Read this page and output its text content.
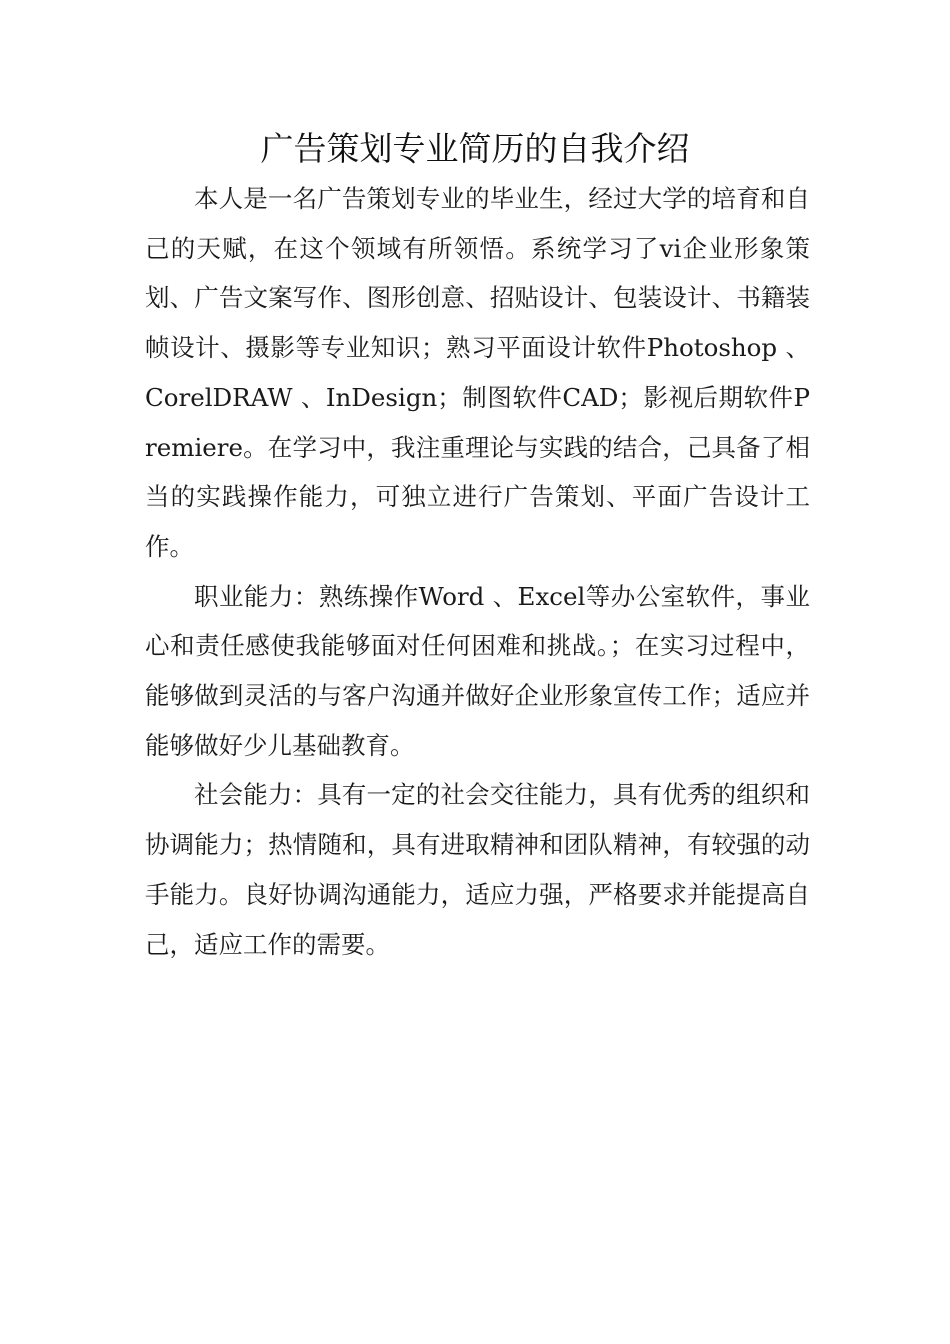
广告策划专业简历的自我介绍

本人是一名广告策划专业的毕业生，经过大学的培育和自己的天赋，在这个领域有所领悟。系统学习了vi企业形象策划、广告文案写作、图形创意、招贴设计、包装设计、书籍装帧设计、摄影等专业知识；熟习平面设计软件Photoshop 、CorelDRAW 、InDesign；制图软件CAD；影视后期软件Premiere。在学习中，我注重理论与实践的结合，己具备了相当的实践操作能力，可独立进行广告策划、平面广告设计工作。

职业能力：熟练操作Word 、Excel等办公室软件，事业心和责任感使我能够面对任何困难和挑战。；在实习过程中，能够做到灵活的与客户沟通并做好企业形象宣传工作；适应并能够做好少儿基础教育。

社会能力：具有一定的社会交往能力，具有优秀的组织和协调能力；热情随和，具有进取精神和团队精神，有较强的动手能力。良好协调沟通能力，适应力强，严格要求并能提高自己，适应工作的需要。
